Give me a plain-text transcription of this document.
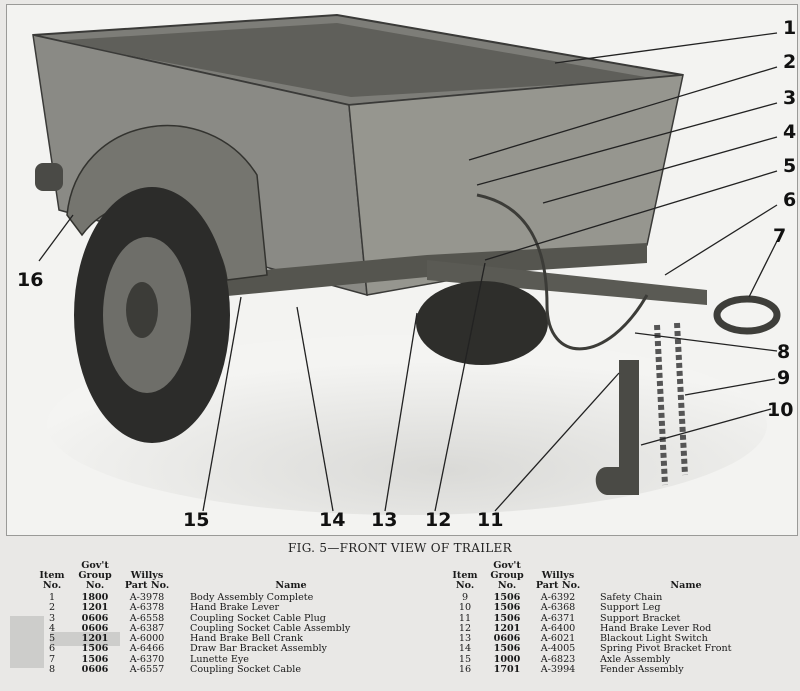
1
2
3
4
5
6
7
8
9
10
11
12
13
14
15
16
FIG. 5—FRONT VIEW OF TRAILER
Item No.	Gov't Group No.	Willys Part No.	Name
1	1800	A-3978	Body Assembly Complete
2	1201	A-6378	Hand Brake Lever
3	0606	A-6558	Coupling Socket Cable Plug
4	0606	A-6387	Coupling Socket Cable Assembly
5	1201	A-6000	Hand Brake Bell Crank
6	1506	A-6466	Draw Bar Bracket Assembly
7	1506	A-6370	Lunette Eye
8	0606	A-6557	Coupling Socket Cable
Item No.	Gov't Group No.	Willys Part No.	Name
9	1506	A-6392	Safety Chain
10	1506	A-6368	Support Leg
11	1506	A-6371	Support Bracket
12	1201	A-6400	Hand Brake Lever Rod
13	0606	A-6021	Blackout Light Switch
14	1506	A-4005	Spring Pivot Bracket Front
15	1000	A-6823	Axle Assembly
16	1701	A-3994	Fender Assembly
